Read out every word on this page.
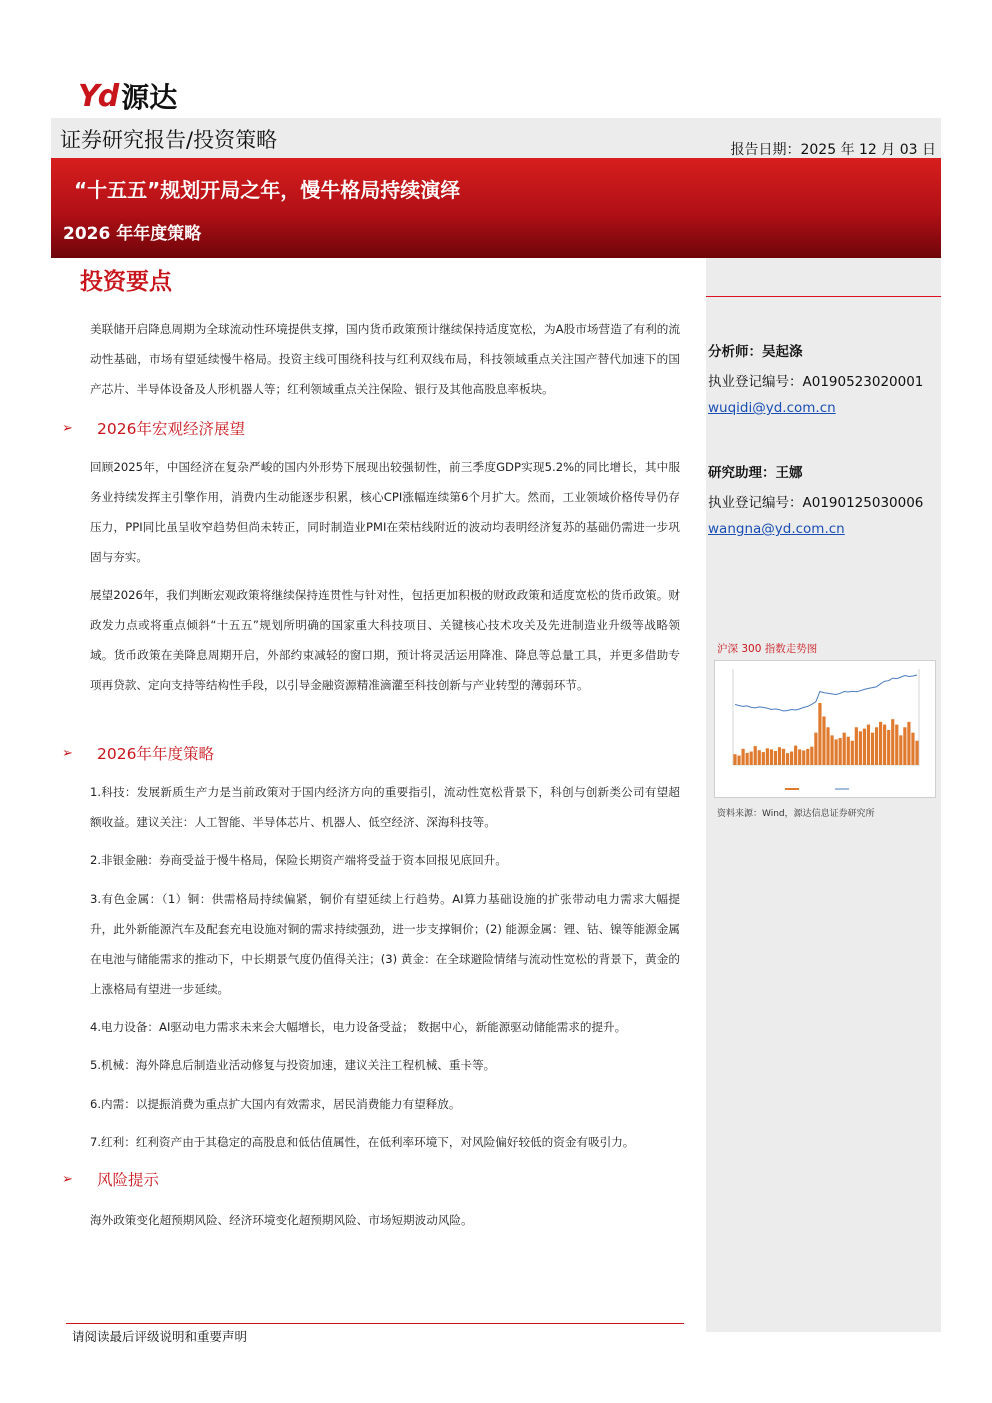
Yd 源达
证券研究报告/投资策略	报告日期：2025 年 12 月 03 日
“十五五”规划开局之年，慢牛格局持续演绎
2026 年年度策略
分析师：吴起涤
执业登记编号：A0190523020001
wuqidi@yd.com.cn
研究助理：王娜
执业登记编号：A0190125030006
wangna@yd.com.cn
沪深 300 指数走势图
资料来源：Wind，源达信息证券研究所
投资要点
美联储开启降息周期为全球流动性环境提供支撑，国内货币政策预计继续保持适度宽松，为A股市场营造了有利的流动性基础，市场有望延续慢牛格局。投资主线可围绕科技与红利双线布局，科技领域重点关注国产替代加速下的国产芯片、半导体设备及人形机器人等；红利领域重点关注保险、银行及其他高股息率板块。
➢	2026年宏观经济展望
回顾2025年，中国经济在复杂严峻的国内外形势下展现出较强韧性，前三季度GDP实现5.2%的同比增长，其中服务业持续发挥主引擎作用，消费内生动能逐步积累，核心CPI涨幅连续第6个月扩大。然而，工业领域价格传导仍存压力，PPI同比虽呈收窄趋势但尚未转正，同时制造业PMI在荣枯线附近的波动均表明经济复苏的基础仍需进一步巩固与夯实。
展望2026年，我们判断宏观政策将继续保持连贯性与针对性，包括更加积极的财政政策和适度宽松的货币政策。财政发力点或将重点倾斜“十五五”规划所明确的国家重大科技项目、关键核心技术攻关及先进制造业升级等战略领域。货币政策在美降息周期开启，外部约束减轻的窗口期，预计将灵活运用降准、降息等总量工具，并更多借助专项再贷款、定向支持等结构性手段，以引导金融资源精准滴灌至科技创新与产业转型的薄弱环节。
➢	2026年年度策略
1.科技：发展新质生产力是当前政策对于国内经济方向的重要指引，流动性宽松背景下，科创与创新类公司有望超额收益。建议关注：人工智能、半导体芯片、机器人、低空经济、深海科技等。
2.非银金融：券商受益于慢牛格局，保险长期资产端将受益于资本回报见底回升。
3.有色金属：（1）铜：供需格局持续偏紧，铜价有望延续上行趋势。AI算力基础设施的扩张带动电力需求大幅提升，此外新能源汽车及配套充电设施对铜的需求持续强劲，进一步支撑铜价；(2) 能源金属：锂、钴、镍等能源金属在电池与储能需求的推动下，中长期景气度仍值得关注；(3) 黄金：在全球避险情绪与流动性宽松的背景下，黄金的上涨格局有望进一步延续。
4.电力设备：AI驱动电力需求未来会大幅增长，电力设备受益； 数据中心，新能源驱动储能需求的提升。
5.机械：海外降息后制造业活动修复与投资加速，建议关注工程机械、重卡等。
6.内需：以提振消费为重点扩大国内有效需求，居民消费能力有望释放。
7.红利：红利资产由于其稳定的高股息和低估值属性，在低利率环境下，对风险偏好较低的资金有吸引力。
➢	风险提示
海外政策变化超预期风险、经济环境变化超预期风险、市场短期波动风险。
请阅读最后评级说明和重要声明
